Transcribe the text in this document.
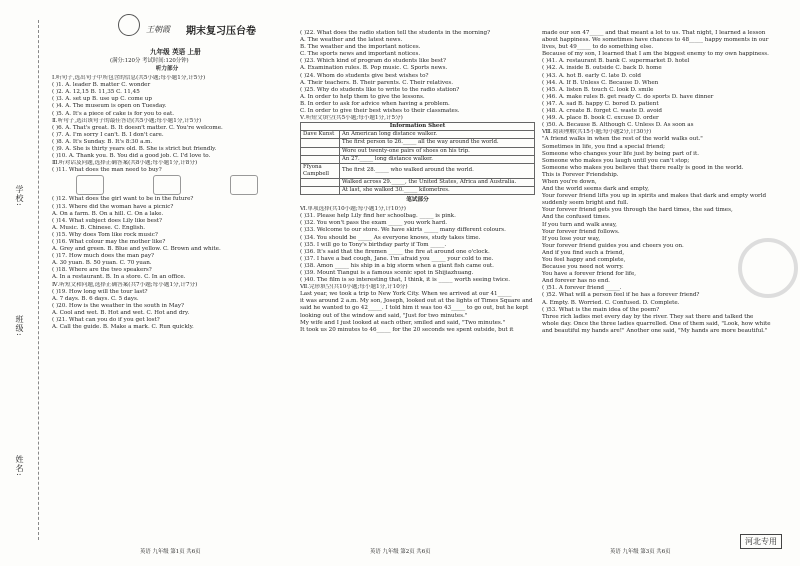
学校:
班级:
姓名:
王朝霞 期末复习压台卷
九年级 英语 上册
(满分:120分 考试时间:120分钟)
听力部分
Ⅰ.听句子,选出句子中所包含的信息(共5小题;每小题1分,计5分)
( )1. A. leader B. matter C. wonder
( )2. A. 12,15 B. 11,35 C. 11,45
( )3. A. set up B. use up C. come up
( )4. A. The museum is open on Tuesday.
( )5. A. It's a piece of cake is for you to eat.
Ⅱ.听句子,选出该句子的最佳答语(共5小题;每小题1分,计5分)
( )6. A. That's great. B. It doesn't matter. C. You're welcome.
( )7. A. I'm sorry I can't. B. I don't care.
( )8. A. It's Sunday. B. It's 8:30 a.m.
( )9. A. She is thirty years old. B. She is strict but friendly.
( )10. A. Thank you. B. You did a good job. C. I'd love to.
Ⅲ.听对话及问题,选择正确答案(共8小题;每小题1分,计8分)
( )11. What does the man need to buy?
( )12. What does the girl want to be in the future?
( )13. Where did the woman have a picnic?
A. On a farm. B. On a hill. C. On a lake.
( )14. What subject does Lily like best?
A. Music. B. Chinese. C. English.
( )15. Why does Tom like rock music?
( )16. What colour may the mother like?
A. Grey and green. B. Blue and yellow. C. Brown and white.
( )17. How much does the man pay?
A. 30 yuan. B. 50 yuan. C. 70 yuan.
( )18. Where are the two speakers?
A. In a restaurant. B. In a store. C. In an office.
Ⅳ.听短文和问题,选择正确答案(共7小题;每小题1分,计7分)
( )19. How long will the tour last?
A. 7 days. B. 6 days. C. 5 days.
( )20. How is the weather in the south in May?
A. Cool and wet. B. Hot and wet. C. Hot and dry.
( )21. What can you do if you get lost?
A. Call the guide. B. Make a mark. C. Run quickly.
( )22. What does the radio station tell the students in the morning?
A. The weather and the latest news.
B. The weather and the important notices.
C. The sports news and important notices.
( )23. Which kind of program do students like best?
A. Examination rules. B. Pop music. C. Sports news.
( )24. Whom do students give best wishes to?
A. Their teachers. B. Their parents. C. Their relatives.
( )25. Why do students like to write to the radio station?
A. In order to help them to give the lessons.
B. In order to ask for advice when having a problem.
C. In order to give their best wishes to their classmates.
Ⅴ.听短文填空(共5小题;每小题1分,计5分)
Information Sheet	
Dave Kunst	An American long distance walker.
	The first person to 26._____ all the way around the world.
	Wore out twenty-one pairs of shoes on his trip.
	An 27._____ long distance walker.
Ffyona Campbell	The first 28._____ who walked around the world.
	Walked across 29._____, the United States, Africa and Australia.
	At last, she walked 30._____ kilometres.
笔试部分
Ⅵ.单项选择(共10小题;每小题1分,计10分)
( )31. Please help Lily find her schoolbag. _____ is pink.
( )32. You won't pass the exam _____ you work hard.
( )33. Welcome to our store. We have skirts _____ many different colours.
( )34. You should be _____ As everyone knows, study takes time.
( )35. I will go to Tony's birthday party if Tom _____.
( )36. It's said that the firemen _____ the fire at around one o'clock.
( )37. I have a bad cough, Jane. I'm afraid you _____ your cold to me.
( )38. Amon _____ his ship in a big storm when a giant fish came out.
( )39. Mount Tiangui is a famous scenic spot in Shijiazhuang.
( )40. The film is so interesting that, I think, it is _____ worth seeing twice.
Ⅶ.完形填空(共10小题;每小题1分,计10分)
Last year, we took a trip to New York City. When we arrived at our 41_____
it was around 2 a.m. My son, Joseph, looked out at the lights of Times Square and
said he wanted to go 42_____. I told him it was too 43_____ to go out, but he kept
looking out of the window and said, "Just for two minutes."
My wife and I just looked at each other, smiled and said, "Two minutes."
It took us 20 minutes to 46_____ for the 20 seconds we spent outside, but it
made our son 47_____ and that meant a lot to us. That night, I learned a lesson
about happiness. We sometimes have chances to 48_____ happy moments in our
lives, but 49_____ to do something else.
Because of my son, I learned that I am the biggest enemy to my own happiness.
( )41. A. restaurant B. bank C. supermarket D. hotel
( )42. A. inside B. outside C. back D. home
( )43. A. hot B. early C. late D. cold
( )44. A. If B. Unless C. Because D. When
( )45. A. listen B. touch C. look D. smile
( )46. A. make rules B. get ready C. do sports D. have dinner
( )47. A. sad B. happy C. bored D. patient
( )48. A. create B. forget C. waste D. avoid
( )49. A. place B. book C. excuse D. order
( )50. A. Because B. Although C. Unless D. As soon as
Ⅷ.阅读理解(共15小题;每小题2分,计30分)
"A friend walks in when the rest of the world walks out."
Sometimes in life, you find a special friend;
Someone who changes your life just by being part of it.
Someone who makes you laugh until you can't stop;
Someone who makes you believe that there really is good in the world.
This is Forever Friendship.
When you're down,
And the world seems dark and empty,
Your forever friend lifts you up in spirits and makes that dark and empty world
suddenly seem bright and full.
Your forever friend gets you through the hard times, the sad times,
And the confused times.
If you turn and walk away,
Your forever friend follows.
If you lose your way,
Your forever friend guides you and cheers you on.
And if you find such a friend,
You feel happy and complete,
Because you need not worry.
You have a forever friend for life,
And forever has no end.
( )51. A forever friend _____.
( )52. What will a person feel if he has a forever friend?
A. Empty. B. Worried. C. Confused. D. Complete.
( )53. What is the main idea of the poem?
Three rich ladies met every day by the river. They sat there and talked the
whole day. Once the three ladies quarrelled. One of them said, "Look, how white
and beautiful my hands are!" Another one said, "My hands are more beautiful."
英语 九年级 第1页 共6页	英语 九年级 第2页 共6页	英语 九年级 第3页 共6页
河北专用
